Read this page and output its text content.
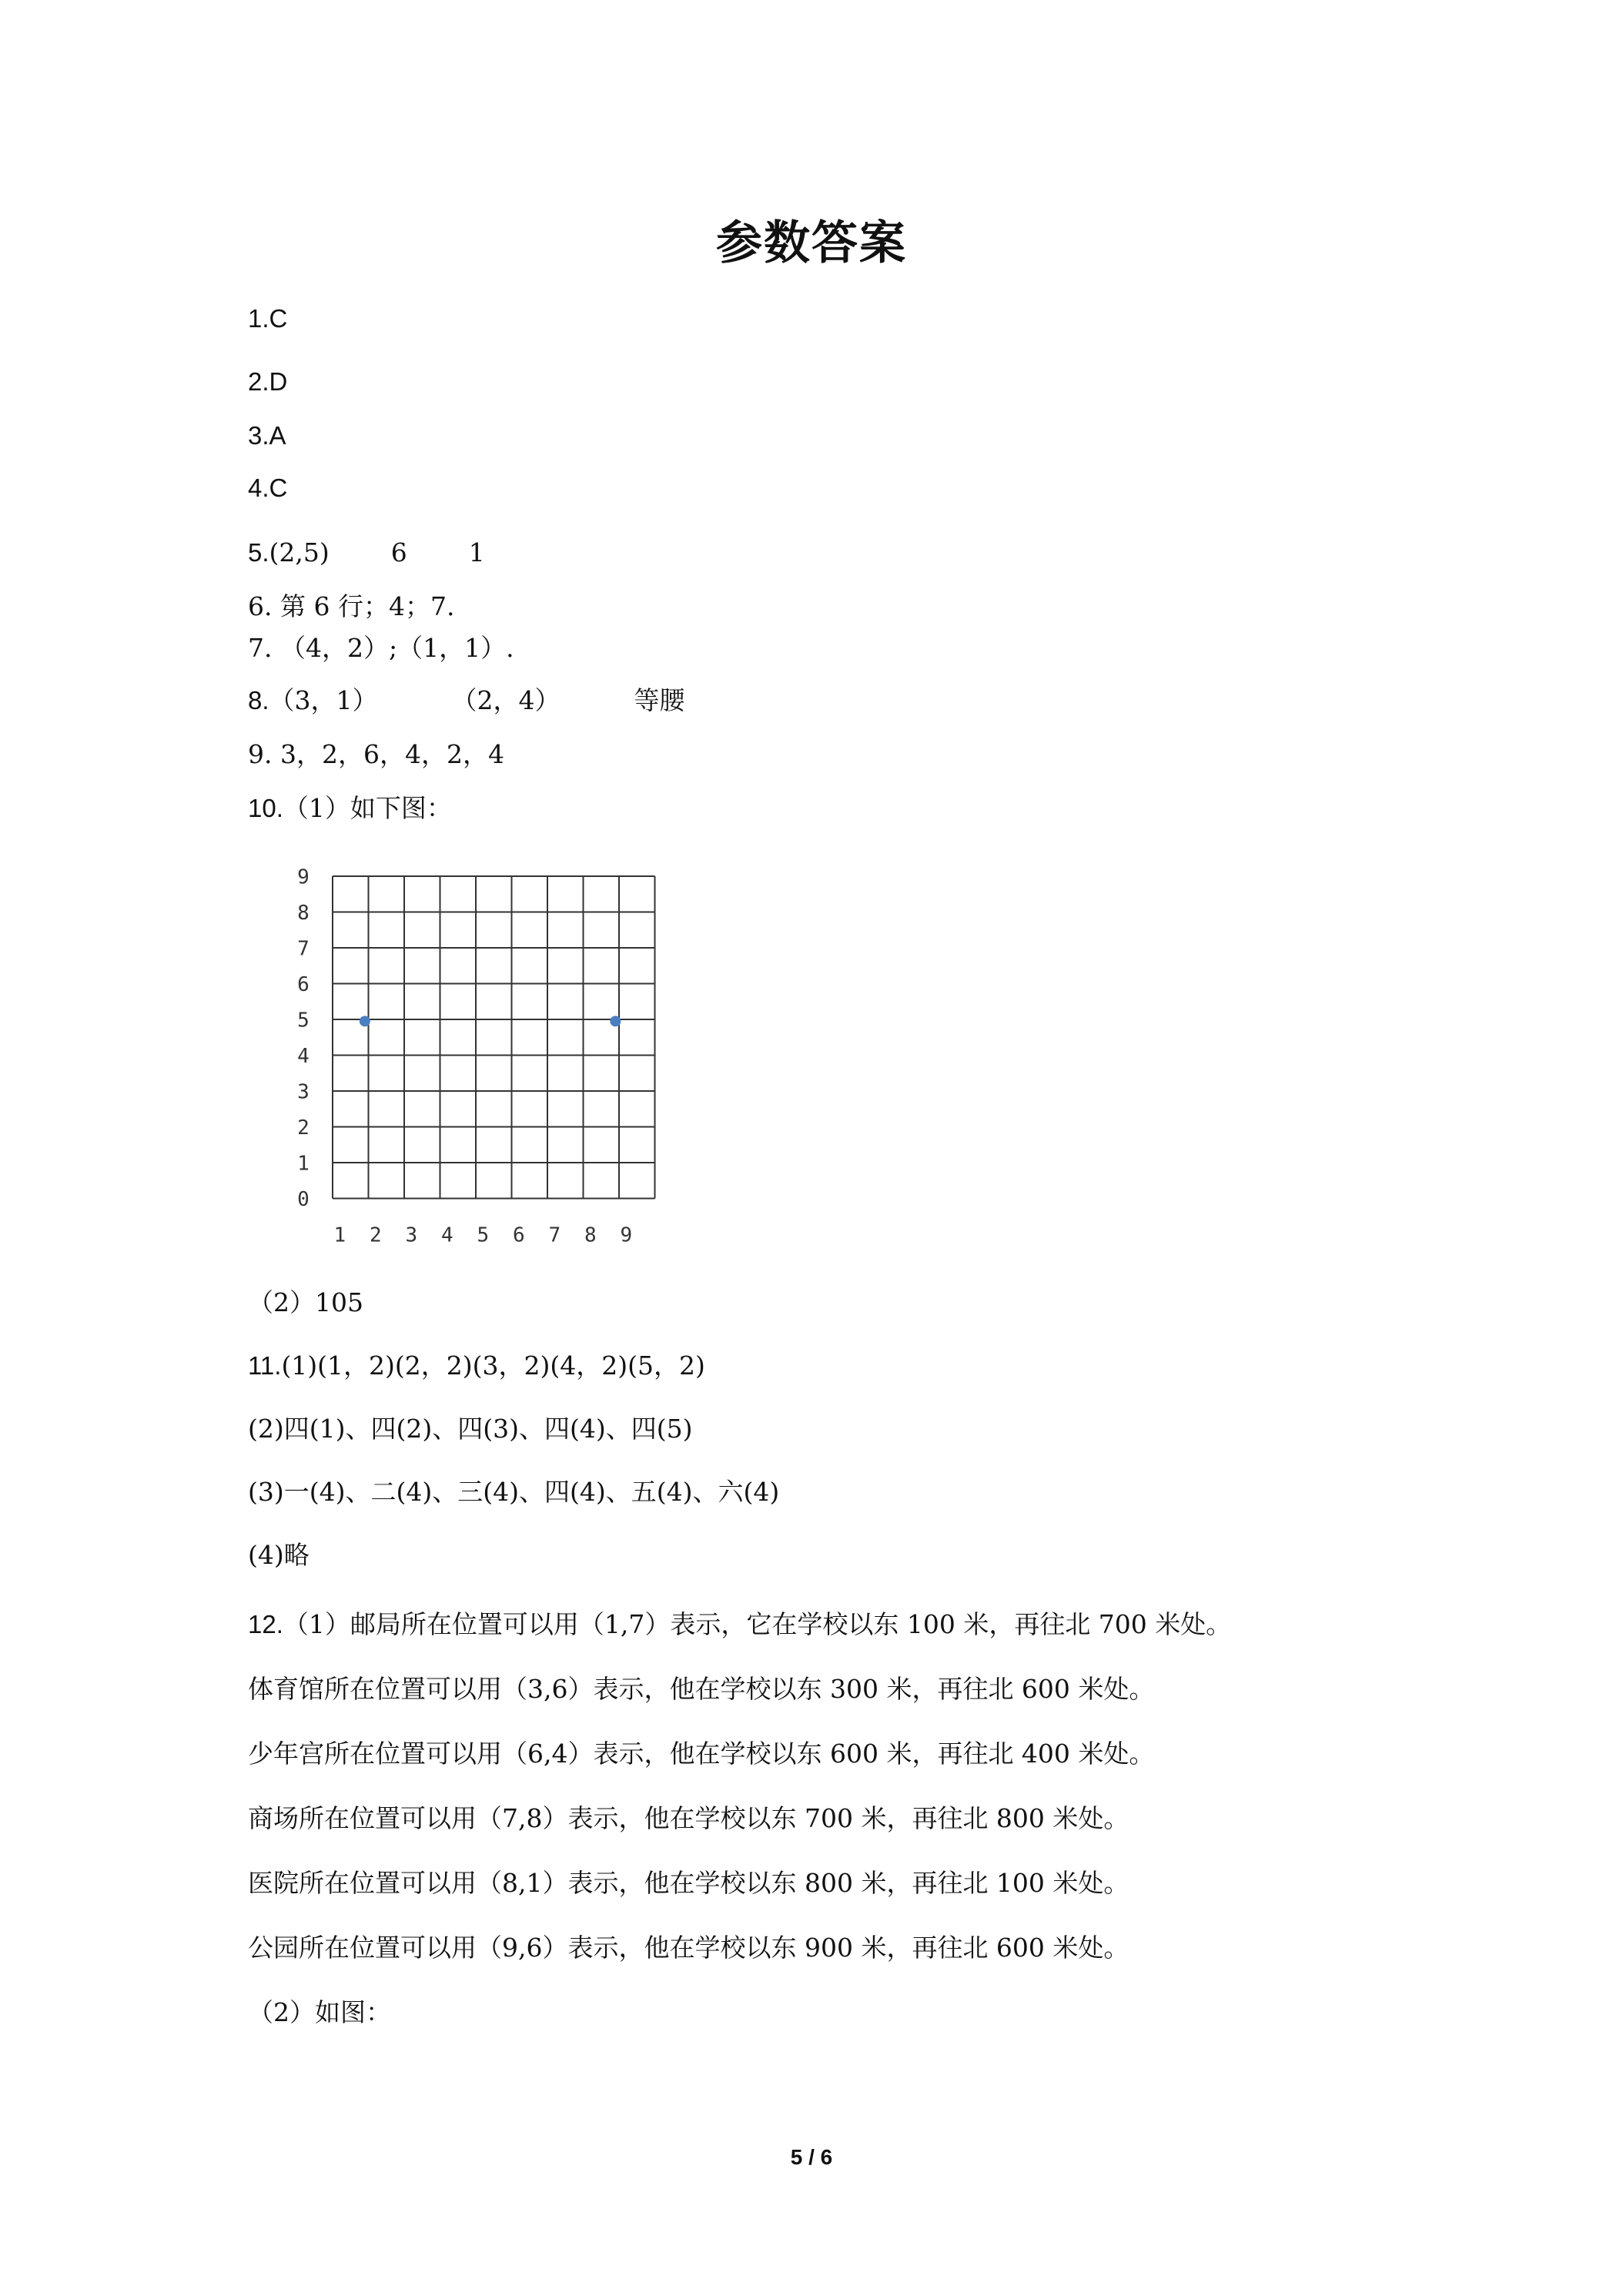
参数答案
1.C
2.D
3.A
4.C
5.(2,5) 6 1
6. 第 6 行；4；7.
7. （4，2）;（1，1）.
8.（3，1）	（2，4）	等腰
9. 3，2，6，4，2，4
10.（1）如下图：
1 2 3 4 5 6 7 8 9
0
1
2
3
4
5
6
7
8
9
（2）105
11.(1)(1，2)(2，2)(3，2)(4，2)(5，2)
(2)四(1)、四(2)、四(3)、四(4)、四(5)
(3)一(4)、二(4)、三(4)、四(4)、五(4)、六(4)
(4)略
12.（1）邮局所在位置可以用（1,7）表示，它在学校以东 100 米，再往北 700 米处。
体育馆所在位置可以用（3,6）表示，他在学校以东 300 米，再往北 600 米处。
少年宫所在位置可以用（6,4）表示，他在学校以东 600 米，再往北 400 米处。
商场所在位置可以用（7,8）表示，他在学校以东 700 米，再往北 800 米处。
医院所在位置可以用（8,1）表示，他在学校以东 800 米，再往北 100 米处。
公园所在位置可以用（9,6）表示，他在学校以东 900 米，再往北 600 米处。
（2）如图：
5 / 6
